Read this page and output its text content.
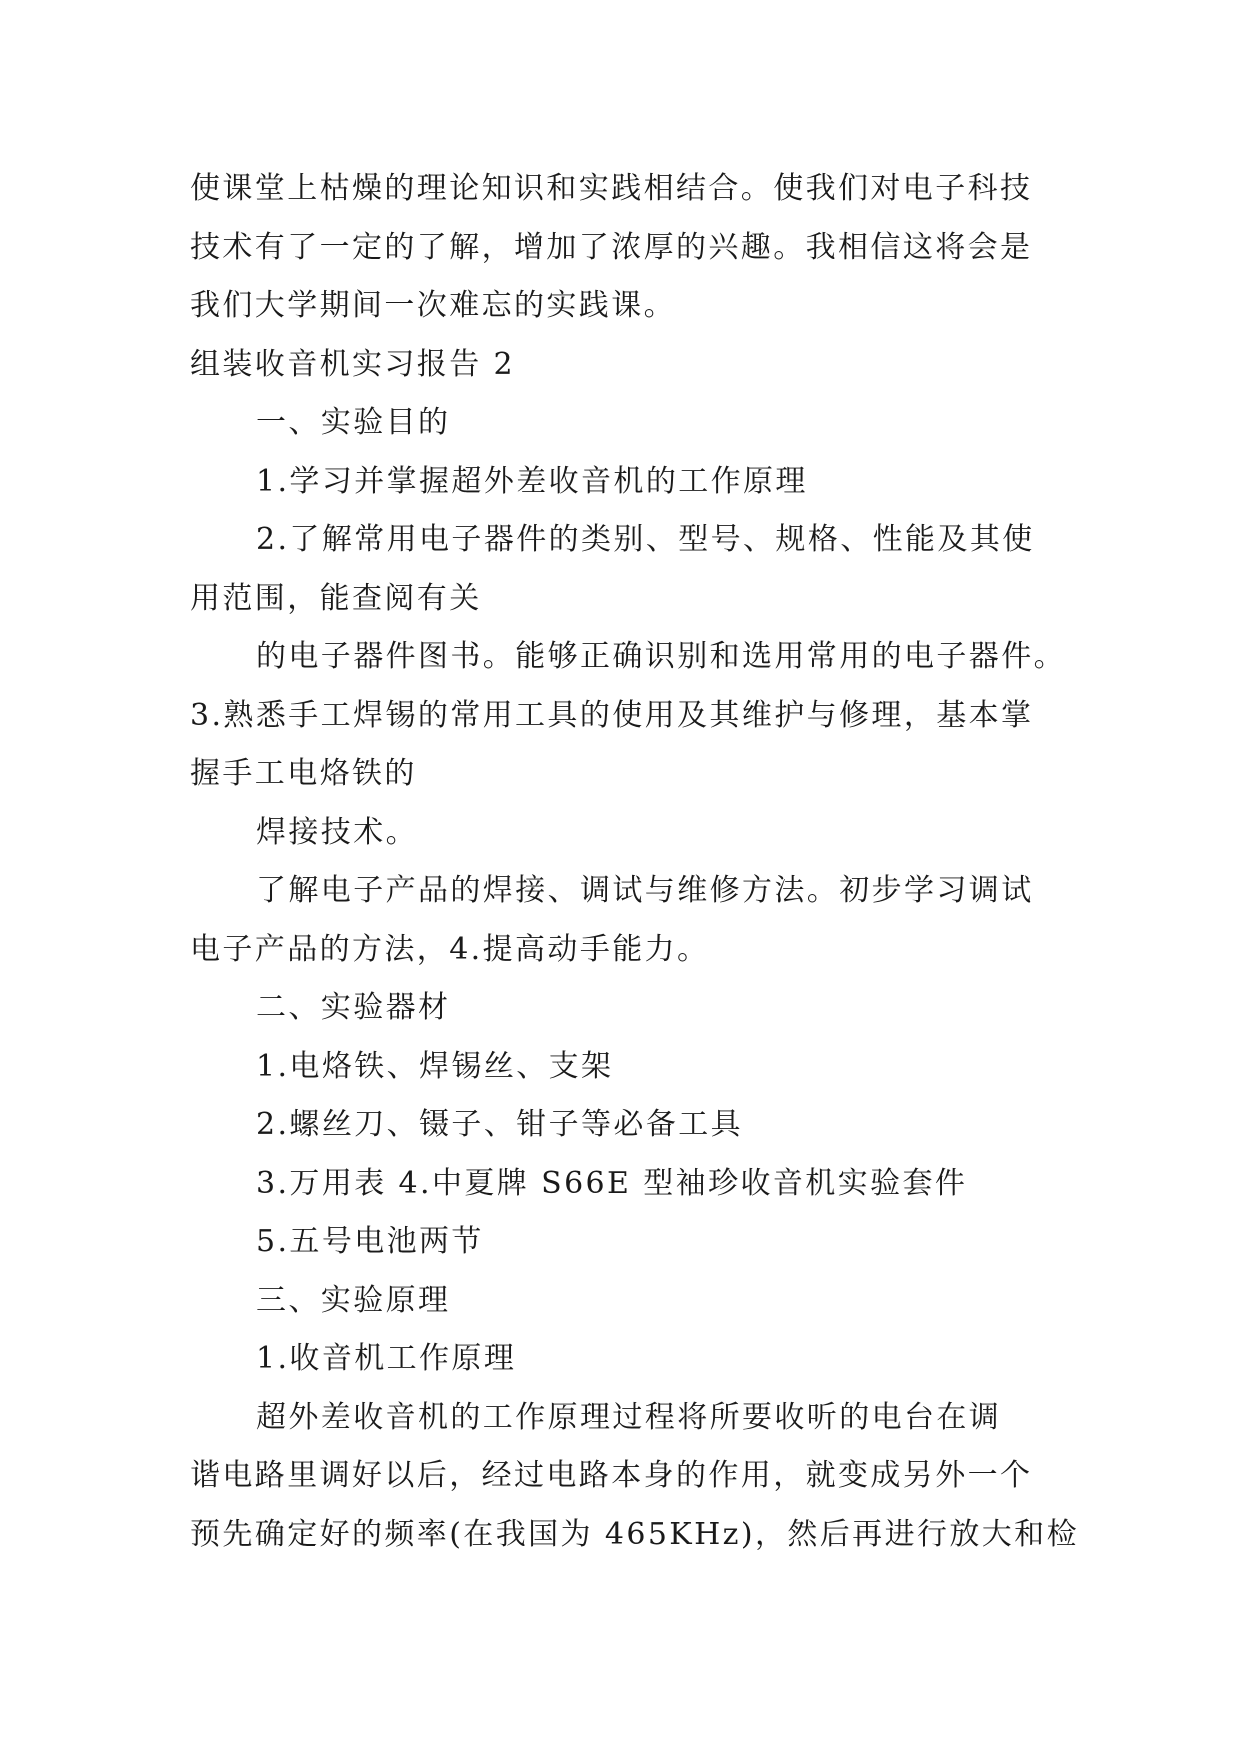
使课堂上枯燥的理论知识和实践相结合。使我们对电子科技
技术有了一定的了解，增加了浓厚的兴趣。我相信这将会是
我们大学期间一次难忘的实践课。
组装收音机实习报告 2
一、实验目的
1.学习并掌握超外差收音机的工作原理
2.了解常用电子器件的类别、型号、规格、性能及其使
用范围，能查阅有关
的电子器件图书。能够正确识别和选用常用的电子器件。
3.熟悉手工焊锡的常用工具的使用及其维护与修理，基本掌
握手工电烙铁的
焊接技术。
了解电子产品的焊接、调试与维修方法。初步学习调试
电子产品的方法，4.提高动手能力。
二、实验器材
1.电烙铁、焊锡丝、支架
2.螺丝刀、镊子、钳子等必备工具
3.万用表 4.中夏牌 S66E 型袖珍收音机实验套件
5.五号电池两节
三、实验原理
1.收音机工作原理
超外差收音机的工作原理过程将所要收听的电台在调
谐电路里调好以后，经过电路本身的作用，就变成另外一个
预先确定好的频率(在我国为 465KHz)，然后再进行放大和检
